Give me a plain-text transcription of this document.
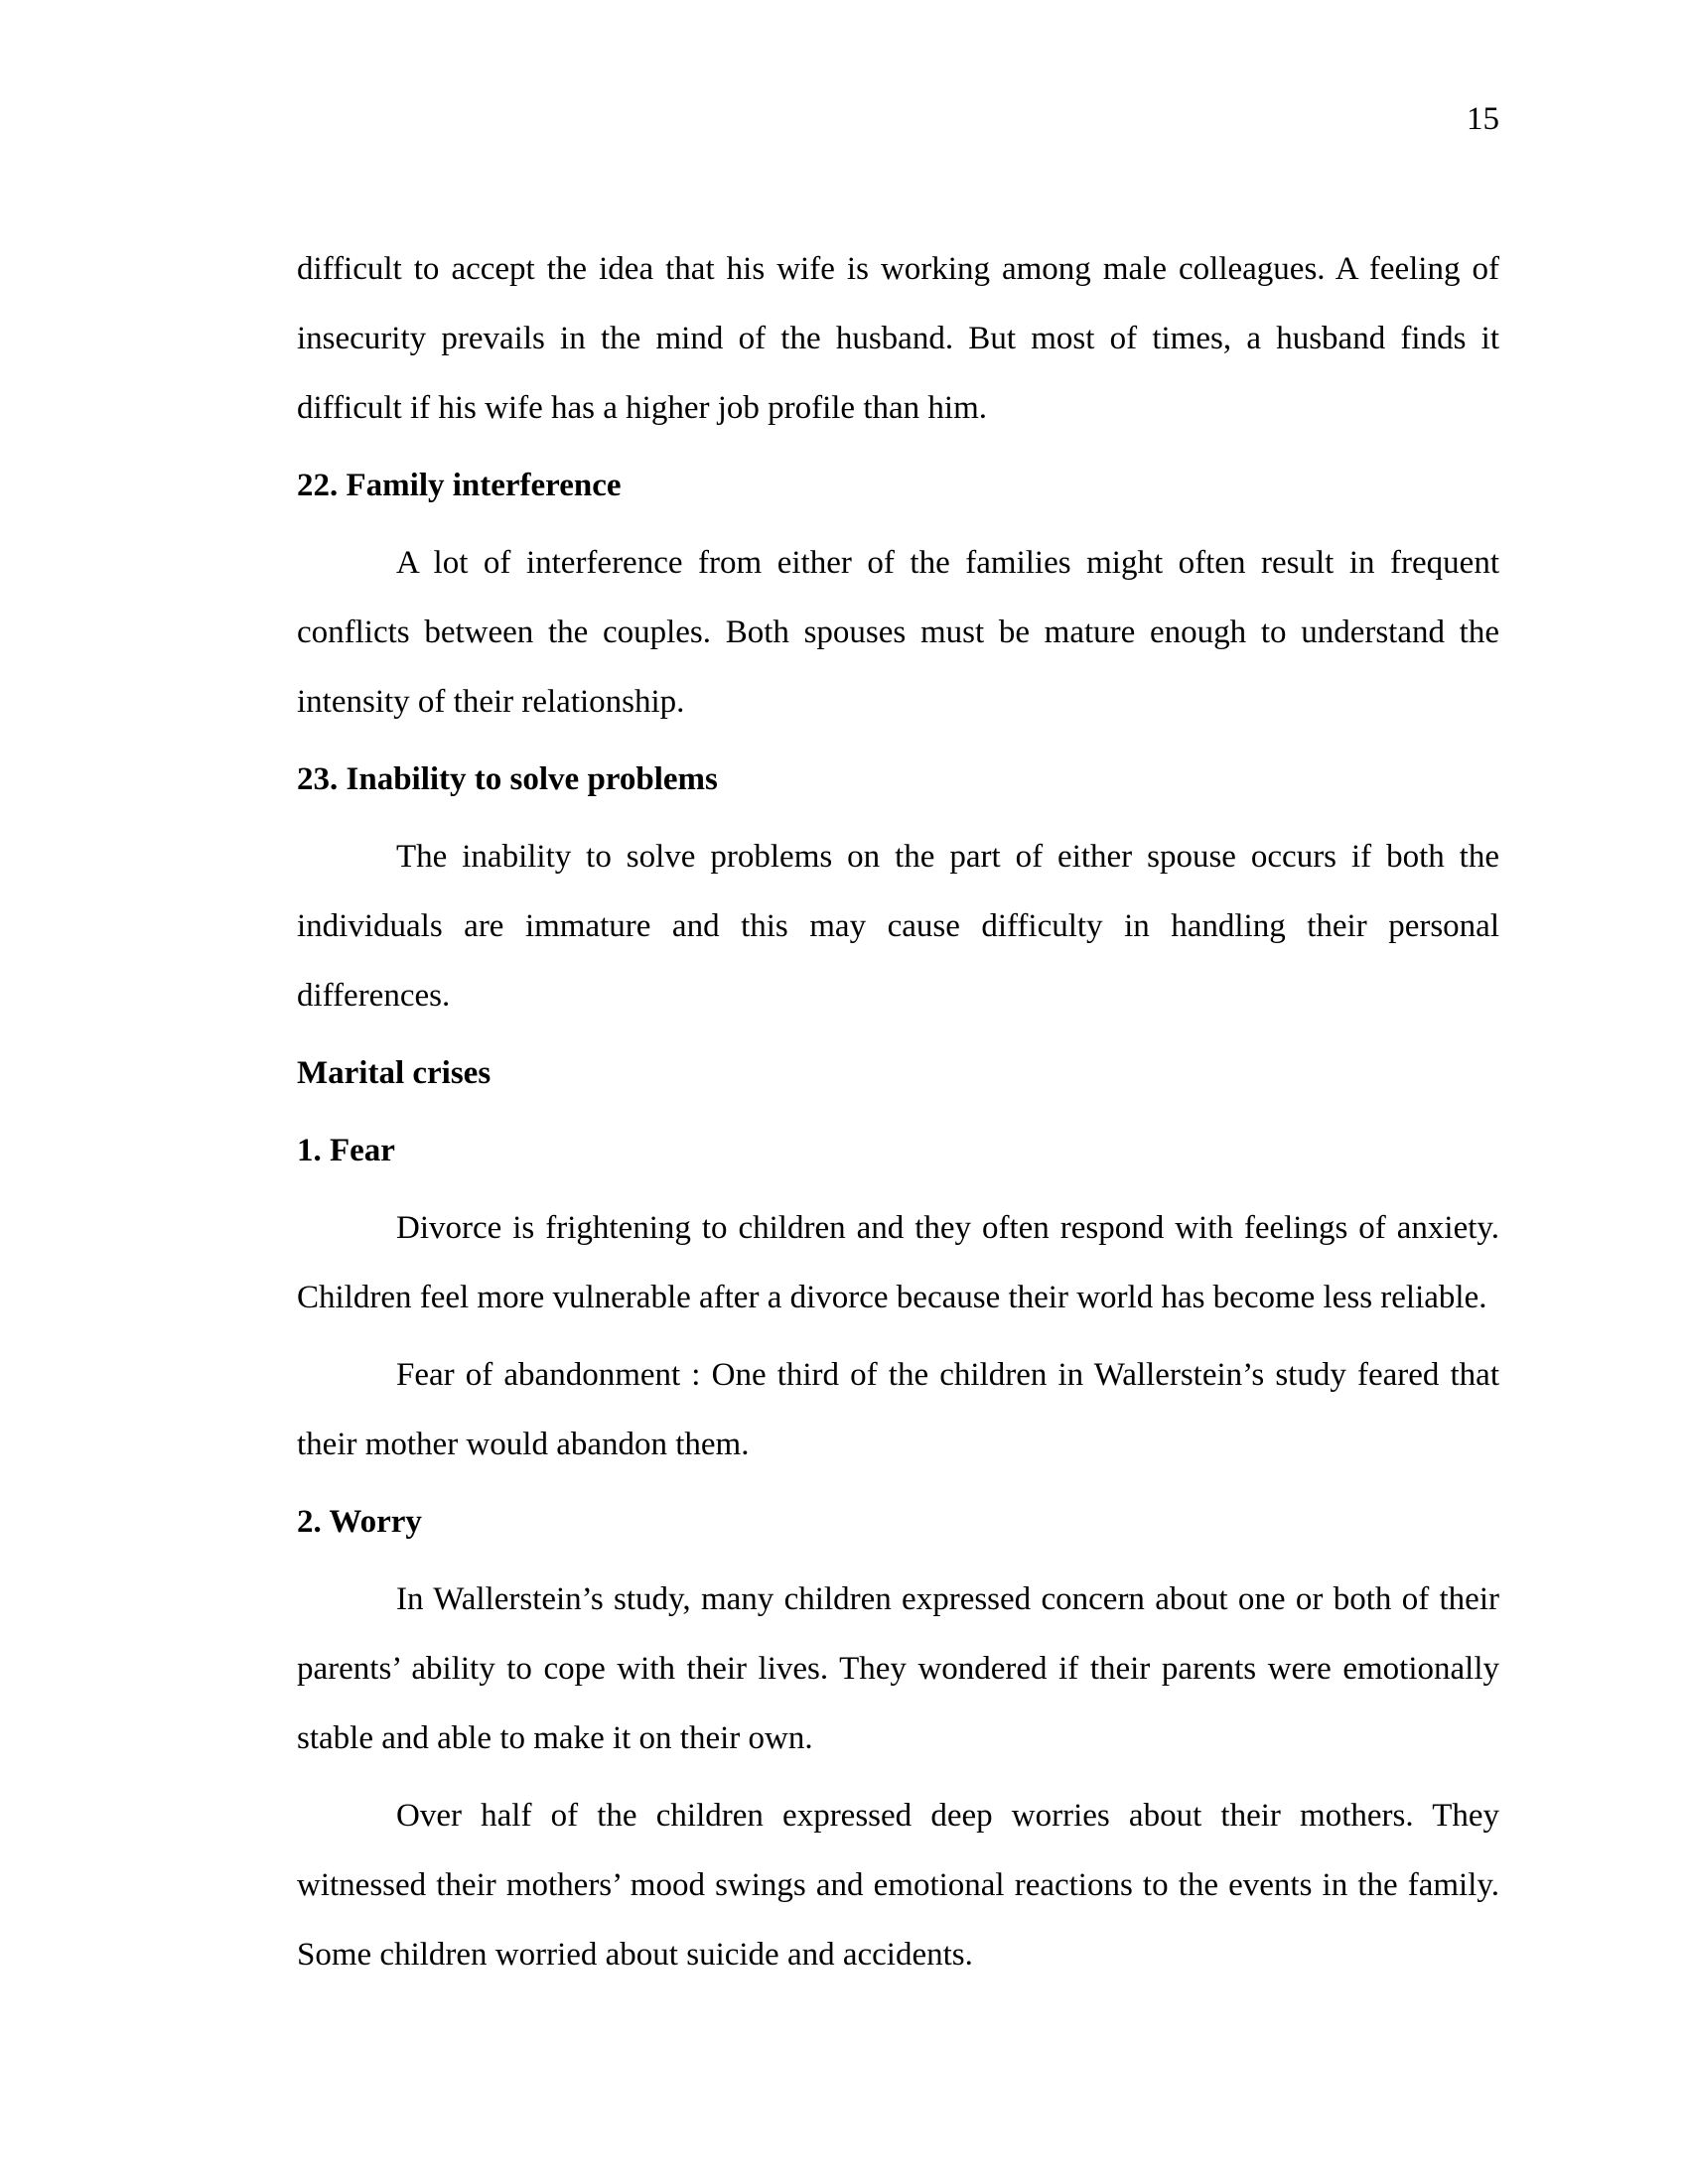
15

difficult to accept the idea that his wife is working among male colleagues. A feeling of insecurity prevails in the mind of the husband. But most of times, a husband finds it difficult if his wife has a higher job profile than him.

22. Family interference

A lot of interference from either of the families might often result in frequent conflicts between the couples. Both spouses must be mature enough to understand the intensity of their relationship.

23. Inability to solve problems

The inability to solve problems on the part of either spouse occurs if both the individuals are immature and this may cause difficulty in handling their personal differences.

Marital crises
1. Fear

Divorce is frightening to children and they often respond with feelings of anxiety. Children feel more vulnerable after a divorce because their world has become less reliable.

Fear of abandonment : One third of the children in Wallerstein’s study feared that their mother would abandon them.

2. Worry

In Wallerstein’s study, many children expressed concern about one or both of their parents’ ability to cope with their lives. They wondered if their parents were emotionally stable and able to make it on their own.

Over half of the children expressed deep worries about their mothers. They witnessed their mothers’ mood swings and emotional reactions to the events in the family. Some children worried about suicide and accidents.
